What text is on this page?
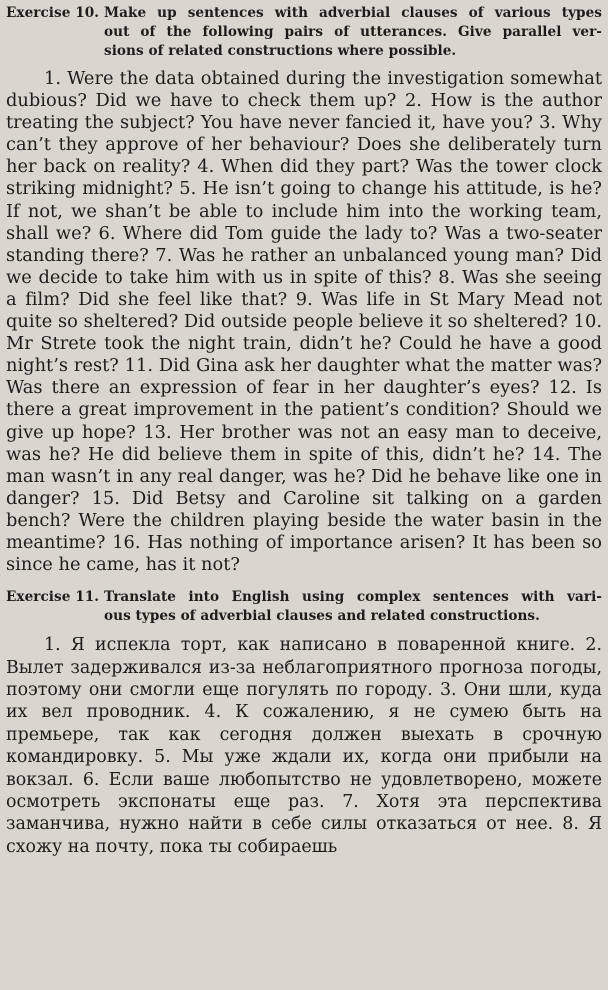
Exercise 10. Make up sentences with adverbial clauses of various types
out of the following pairs of utterances. Give parallel ver-
sions of related constructions where possible.

1. Were the data obtained during the investigation somewhat dubious? Did we have to check them up? 2. How is the author treating the subject? You have never fancied it, have you? 3. Why can’t they approve of her behaviour? Does she deliberately turn her back on reality? 4. When did they part? Was the tower clock striking midnight? 5. He isn’t going to change his attitude, is he? If not, we shan’t be able to include him into the working team, shall we? 6. Where did Tom guide the lady to? Was a two-seater standing there? 7. Was he rather an unbalanced young man? Did we decide to take him with us in spite of this? 8. Was she seeing a film? Did she feel like that? 9. Was life in St Mary Mead not quite so sheltered? Did outside people believe it so sheltered? 10. Mr Strete took the night train, didn’t he? Could he have a good night’s rest? 11. Did Gina ask her daughter what the matter was? Was there an expression of fear in her daughter’s eyes? 12. Is there a great improvement in the patient’s condition? Should we give up hope? 13. Her brother was not an easy man to deceive, was he? He did believe them in spite of this, didn’t he? 14. The man wasn’t in any real danger, was he? Did he behave like one in danger? 15. Did Betsy and Caroline sit talking on a garden bench? Were the children playing beside the water basin in the meantime? 16. Has nothing of importance arisen? It has been so since he came, has it not?

Exercise 11. Translate into English using complex sentences with vari-
ous types of adverbial clauses and related constructions.

1. Я испекла торт, как написано в поваренной книге. 2. Вылет задерживался из-за неблагоприятного прогноза погоды, поэтому они смогли еще погулять по городу. 3. Они шли, куда их вел проводник. 4. К сожалению, я не сумею быть на премьере, так как сегодня должен выехать в срочную командировку. 5. Мы уже ждали их, когда они прибыли на вокзал. 6. Если ваше любопытство не удовлетворено, можете осмотреть экспонаты еще раз. 7. Хотя эта перспектива заманчива, нужно найти в себе силы отказаться от нее. 8. Я схожу на почту, пока ты собираешь
